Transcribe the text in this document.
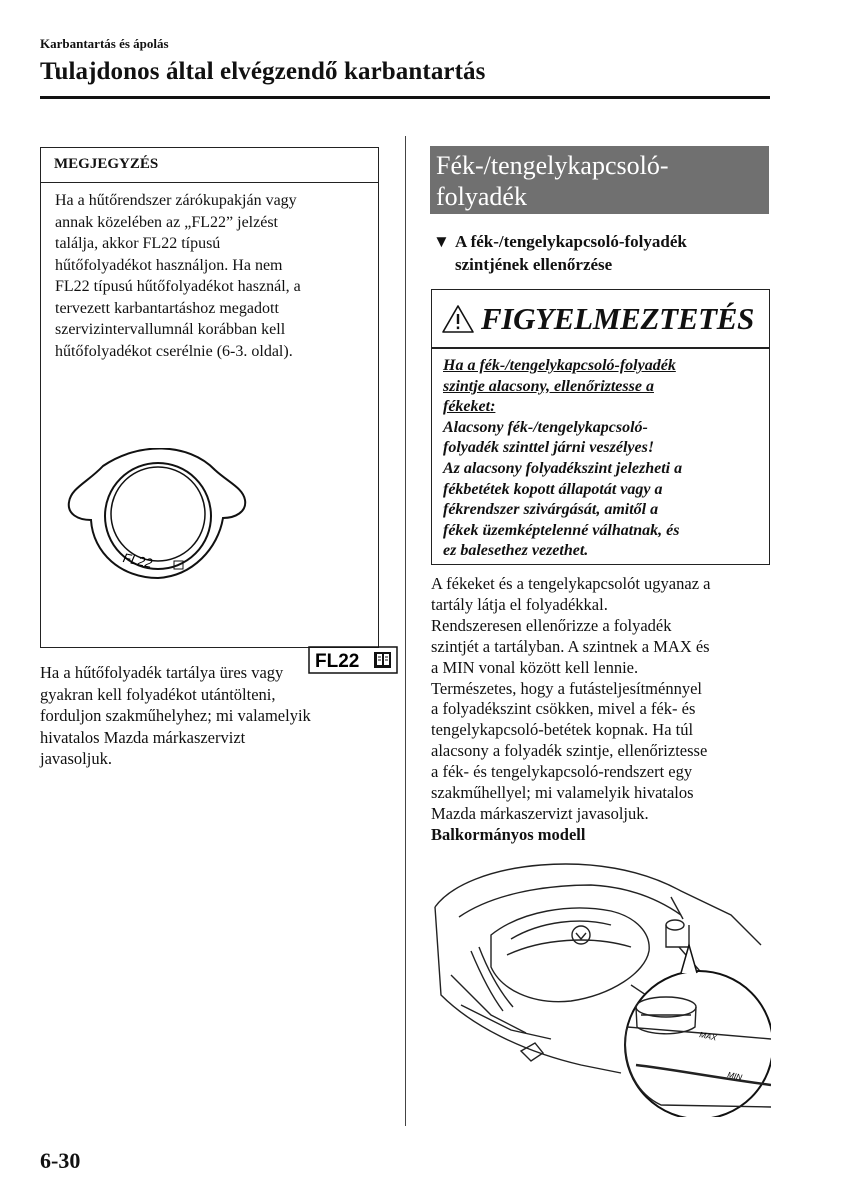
Karbantartás és ápolás
Tulajdonos által elvégzendő karbantartás
MEGJEGYZÉS
Ha a hűtőrendszer zárókupakján vagy
annak közelében az „FL22” jelzést
találja, akkor FL22 típusú
hűtőfolyadékot használjon. Ha nem
FL22 típusú hűtőfolyadékot használ, a
tervezett karbantartáshoz megadott
szervizintervallumnál korábban kell
hűtőfolyadékot cserélnie (6-3. oldal).
FL22
FL22
Ha a hűtőfolyadék tartálya üres vagy
gyakran kell folyadékot utántölteni,
forduljon szakműhelyhez; mi valamelyik
hivatalos Mazda márkaszervizt
javasoljuk.
Fék-/tengelykapcsoló-
folyadék
▼ A fék-/tengelykapcsoló-folyadék
szintjének ellenőrzése
FIGYELMEZTETÉS
Ha a fék-/tengelykapcsoló-folyadék
szintje alacsony, ellenőriztesse a
fékeket:
Alacsony fék-/tengelykapcsoló-
folyadék szinttel járni veszélyes!
Az alacsony folyadékszint jelezheti a
fékbetétek kopott állapotát vagy a
fékrendszer szivárgását, amitől a
fékek üzemképtelenné válhatnak, és
ez balesethez vezethet.
A fékeket és a tengelykapcsolót ugyanaz a
tartály látja el folyadékkal.
Rendszeresen ellenőrizze a folyadék
szintjét a tartályban. A szintnek a MAX és
a MIN vonal között kell lennie.
Természetes, hogy a futásteljesítménnyel
a folyadékszint csökken, mivel a fék- és
tengelykapcsoló-betétek kopnak. Ha túl
alacsony a folyadék szintje, ellenőriztesse
a fék- és tengelykapcsoló-rendszert egy
szakműhellyel; mi valamelyik hivatalos
Mazda márkaszervizt javasoljuk.
Balkormányos modell
MAX
MIN
6-30
